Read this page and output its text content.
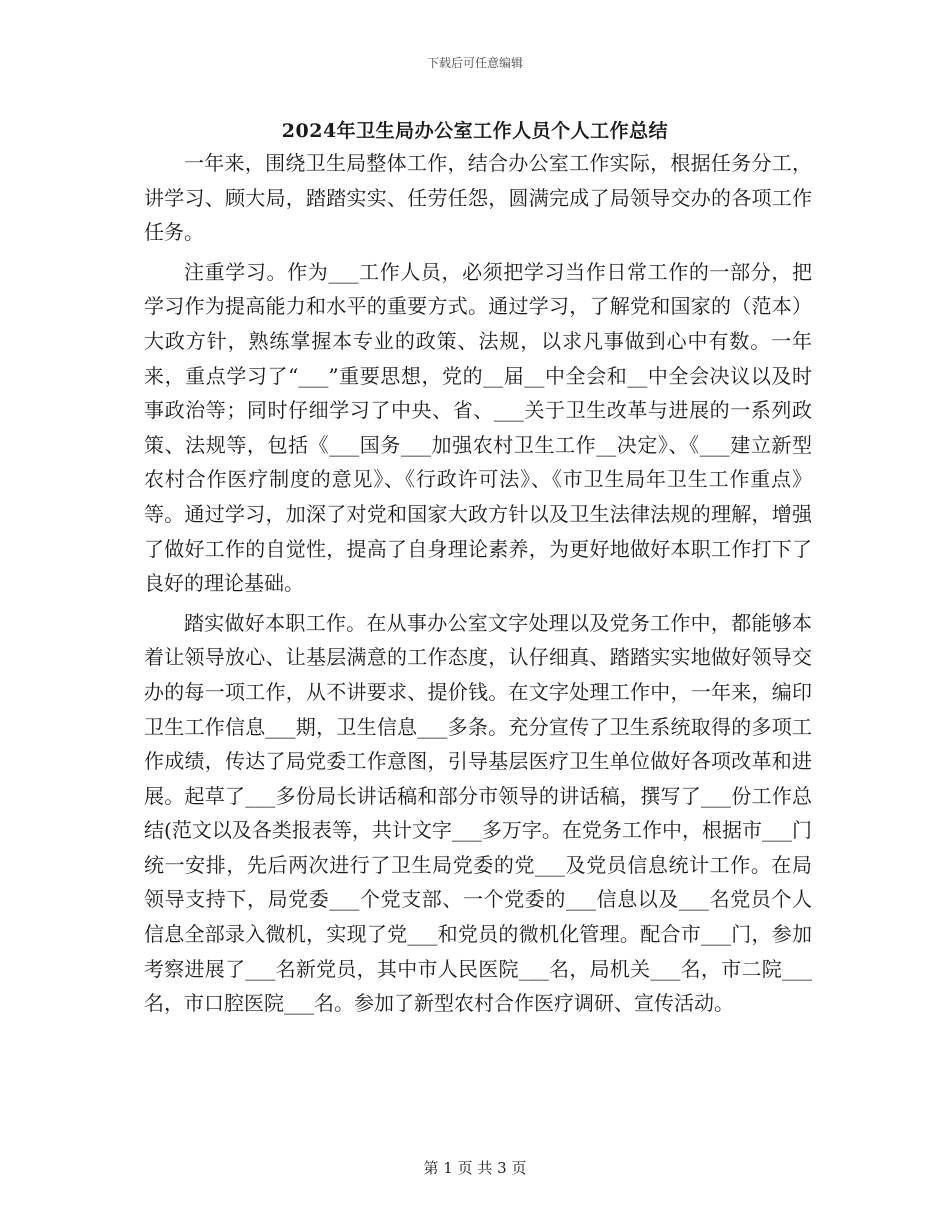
下载后可任意编辑
2024年卫生局办公室工作人员个人工作总结

一年来，围绕卫生局整体工作，结合办公室工作实际，根据任务分工，讲学习、顾大局，踏踏实实、任劳任怨，圆满完成了局领导交办的各项工作任务。

注重学习。作为___工作人员，必须把学习当作日常工作的一部分，把学习作为提高能力和水平的重要方式。通过学习，了解党和国家的（范本）大政方针，熟练掌握本专业的政策、法规，以求凡事做到心中有数。一年来，重点学习了“___”重要思想，党的__届__中全会和__中全会决议以及时事政治等；同时仔细学习了中央、省、___关于卫生改革与进展的一系列政策、法规等，包括《___国务___加强农村卫生工作__决定》、《___建立新型农村合作医疗制度的意见》、《行政许可法》、《市卫生局年卫生工作重点》等。通过学习，加深了对党和国家大政方针以及卫生法律法规的理解，增强了做好工作的自觉性，提高了自身理论素养，为更好地做好本职工作打下了良好的理论基础。

踏实做好本职工作。在从事办公室文字处理以及党务工作中，都能够本着让领导放心、让基层满意的工作态度，认仔细真、踏踏实实地做好领导交办的每一项工作，从不讲要求、提价钱。在文字处理工作中，一年来，编印卫生工作信息___期，卫生信息___多条。充分宣传了卫生系统取得的多项工作成绩，传达了局党委工作意图，引导基层医疗卫生单位做好各项改革和进展。起草了___多份局长讲话稿和部分市领导的讲话稿，撰写了___份工作总结(范文以及各类报表等，共计文字___多万字。在党务工作中，根据市___门统一安排，先后两次进行了卫生局党委的党___及党员信息统计工作。在局领导支持下，局党委___个党支部、一个党委的___信息以及___名党员个人信息全部录入微机，实现了党___和党员的微机化管理。配合市___门，参加考察进展了___名新党员，其中市人民医院___名，局机关___名，市二院___名，市口腔医院___名。参加了新型农村合作医疗调研、宣传活动。

第 1 页 共 3 页
